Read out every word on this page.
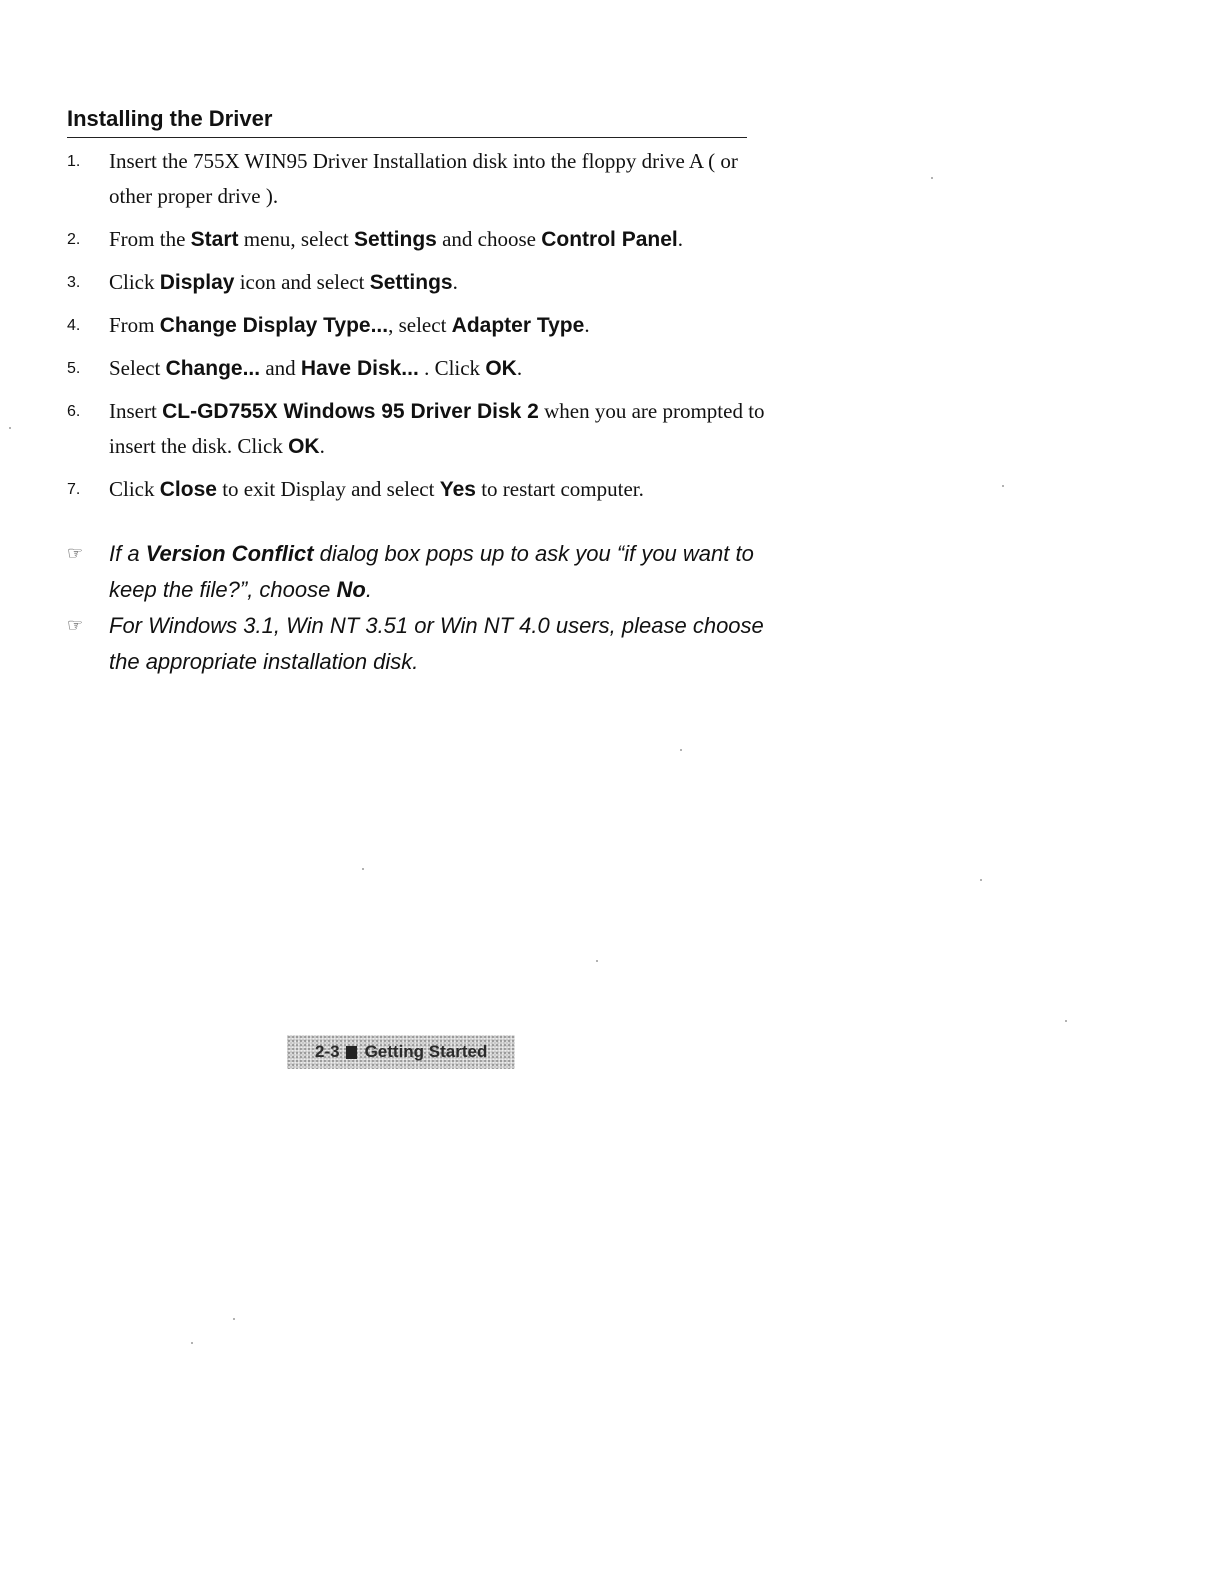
Installing the Driver
1. Insert the 755X WIN95 Driver Installation disk into the floppy drive A ( or other proper drive ).
2. From the Start menu, select Settings and choose Control Panel.
3. Click Display icon and select Settings.
4. From Change Display Type..., select Adapter Type.
5. Select Change... and Have Disk... . Click OK.
6. Insert CL-GD755X Windows 95 Driver Disk 2 when you are prompted to insert the disk. Click OK.
7. Click Close to exit Display and select Yes to restart computer.
☞ If a Version Conflict dialog box pops up to ask you “if you want to keep the file?”, choose No.
☞ For Windows 3.1, Win NT 3.51 or Win NT 4.0 users, please choose the appropriate installation disk.
2-3 Getting Started
